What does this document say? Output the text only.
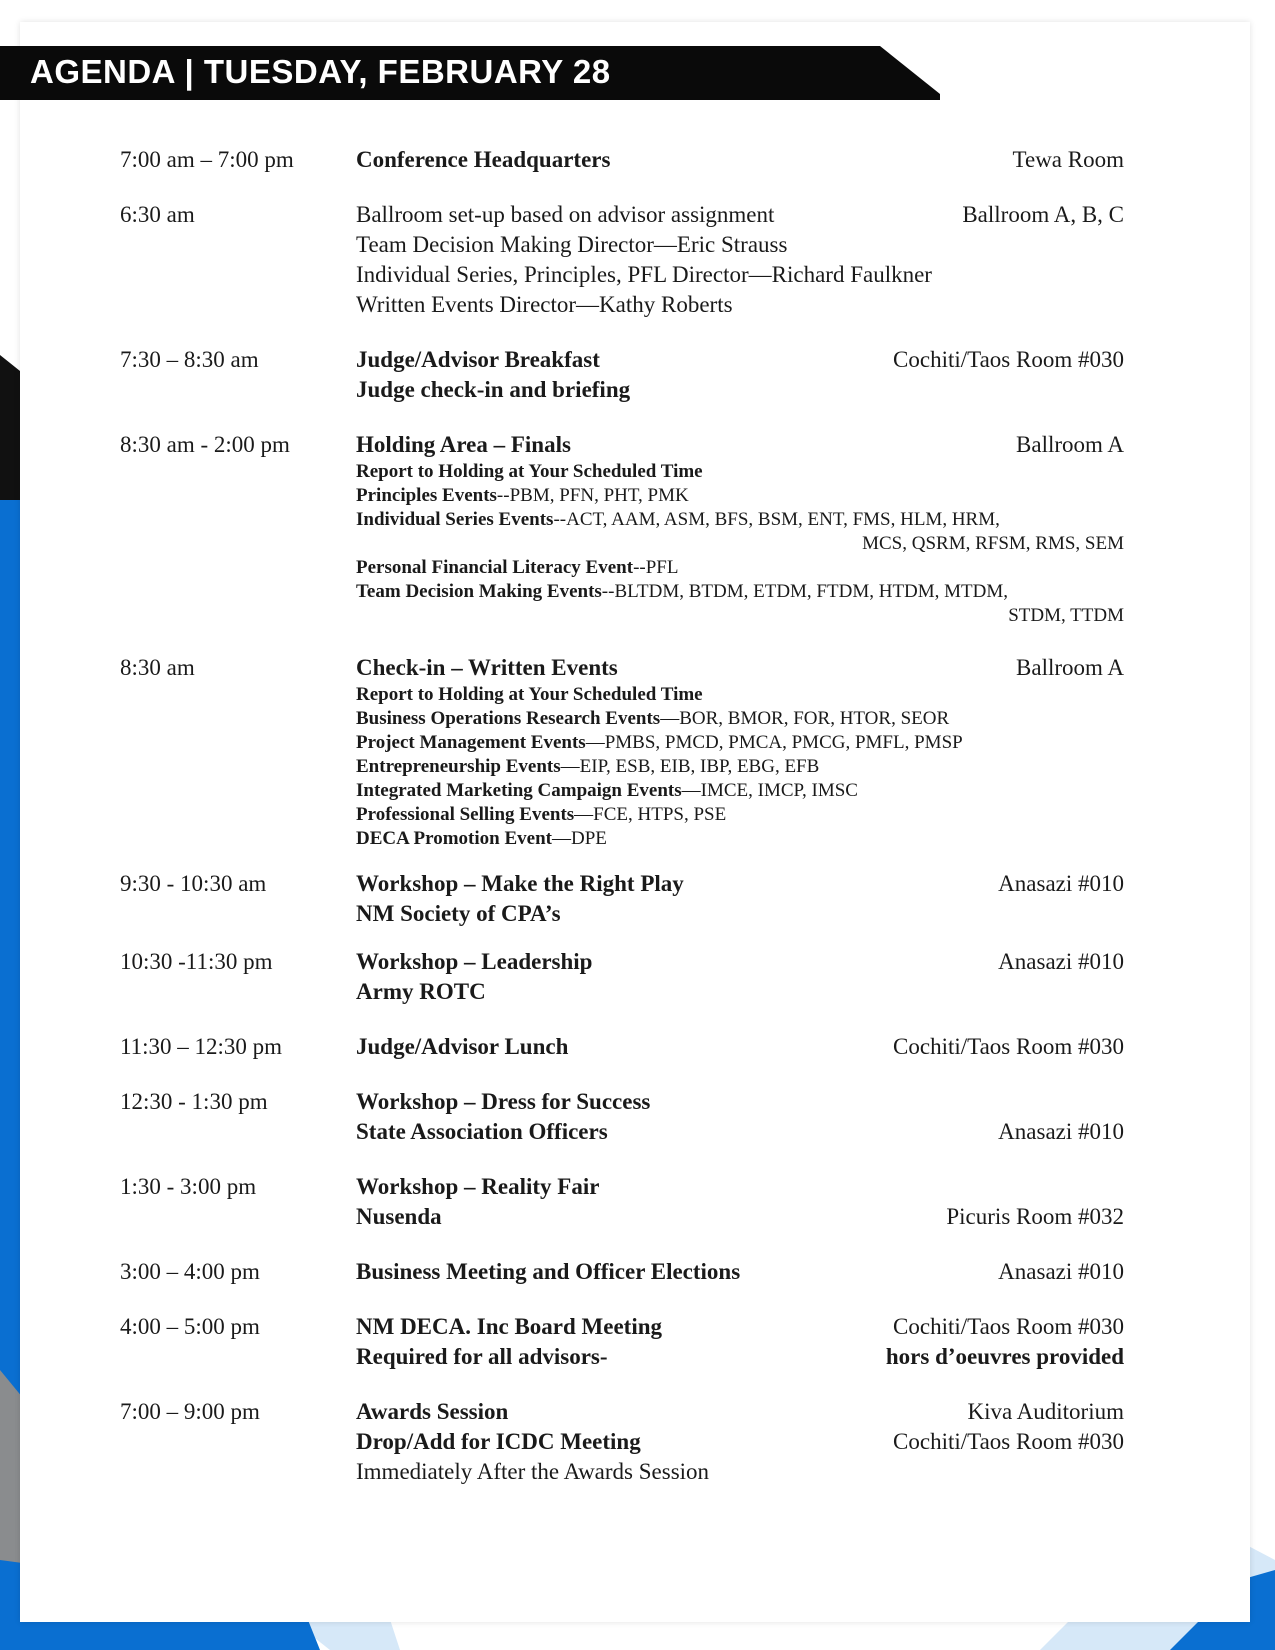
AGENDA | TUESDAY, FEBRUARY 28
7:00 am – 7:00 pm	Conference Headquarters	Tewa Room
6:30 am	Ballroom set-up based on advisor assignment	Ballroom A, B, C
Team Decision Making Director—Eric Strauss
Individual Series, Principles, PFL Director—Richard Faulkner
Written Events Director—Kathy Roberts
7:30 – 8:30 am	Judge/Advisor Breakfast	Cochiti/Taos Room #030
Judge check-in and briefing
8:30 am - 2:00 pm	Holding Area – Finals	Ballroom A
Report to Holding at Your Scheduled Time
Principles Events--PBM, PFN, PHT, PMK
Individual Series Events--ACT, AAM, ASM, BFS, BSM, ENT, FMS, HLM, HRM,
MCS, QSRM, RFSM, RMS, SEM
Personal Financial Literacy Event--PFL
Team Decision Making Events--BLTDM, BTDM, ETDM, FTDM, HTDM, MTDM,
STDM, TTDM
8:30 am	Check-in – Written Events	Ballroom A
Report to Holding at Your Scheduled Time
Business Operations Research Events—BOR, BMOR, FOR, HTOR, SEOR
Project Management Events—PMBS, PMCD, PMCA, PMCG, PMFL, PMSP
Entrepreneurship Events—EIP, ESB, EIB, IBP, EBG, EFB
Integrated Marketing Campaign Events—IMCE, IMCP, IMSC
Professional Selling Events—FCE, HTPS, PSE
DECA Promotion Event—DPE
9:30 - 10:30 am	Workshop – Make the Right Play	Anasazi #010
NM Society of CPA’s
10:30 -11:30 pm	Workshop – Leadership	Anasazi #010
Army ROTC
11:30 – 12:30 pm	Judge/Advisor Lunch	Cochiti/Taos Room #030
12:30 - 1:30 pm	Workshop – Dress for Success
State Association Officers	Anasazi #010
1:30 - 3:00 pm	Workshop – Reality Fair
Nusenda	Picuris Room #032
3:00 – 4:00 pm	Business Meeting and Officer Elections	Anasazi #010
4:00 – 5:00 pm	NM DECA. Inc Board Meeting	Cochiti/Taos Room #030
Required for all advisors-	hors d’oeuvres provided
7:00 – 9:00 pm	Awards Session	Kiva Auditorium
Drop/Add for ICDC Meeting	Cochiti/Taos Room #030
Immediately After the Awards Session
